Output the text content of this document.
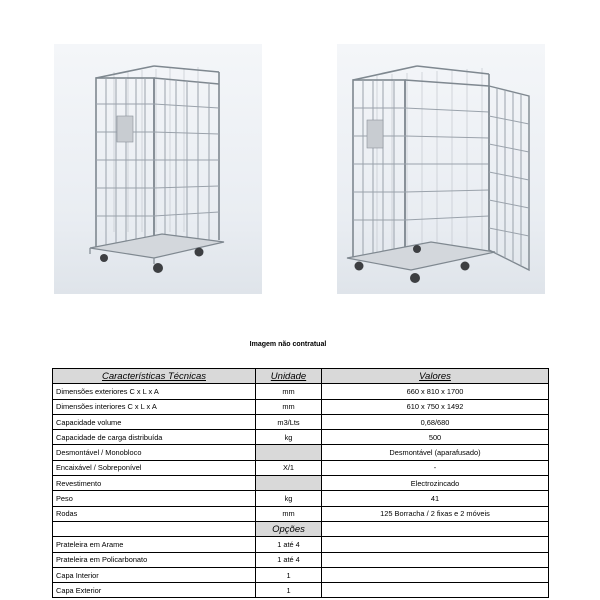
Imagem não contratual
Características Técnicas	Unidade	Valores
Dimensões exteriores C x L x A	mm	660 x 810 x 1700
Dimensões interiores C x L x A	mm	610 x 750 x 1492
Capacidade volume	m3/Lts	0,68/680
Capacidade de carga distribuída	kg	500
Desmontável / Monobloco		Desmontável (aparafusado)
Encaixável / Sobreponível	X/1	-
Revestimento		Electrozincado
Peso	kg	41
Rodas	mm	125 Borracha / 2 fixas e 2 móveis
	Opções	
Prateleira em Arame	1 até 4	
Prateleira em Policarbonato	1 até 4	
Capa Interior	1	
Capa Exterior	1	
